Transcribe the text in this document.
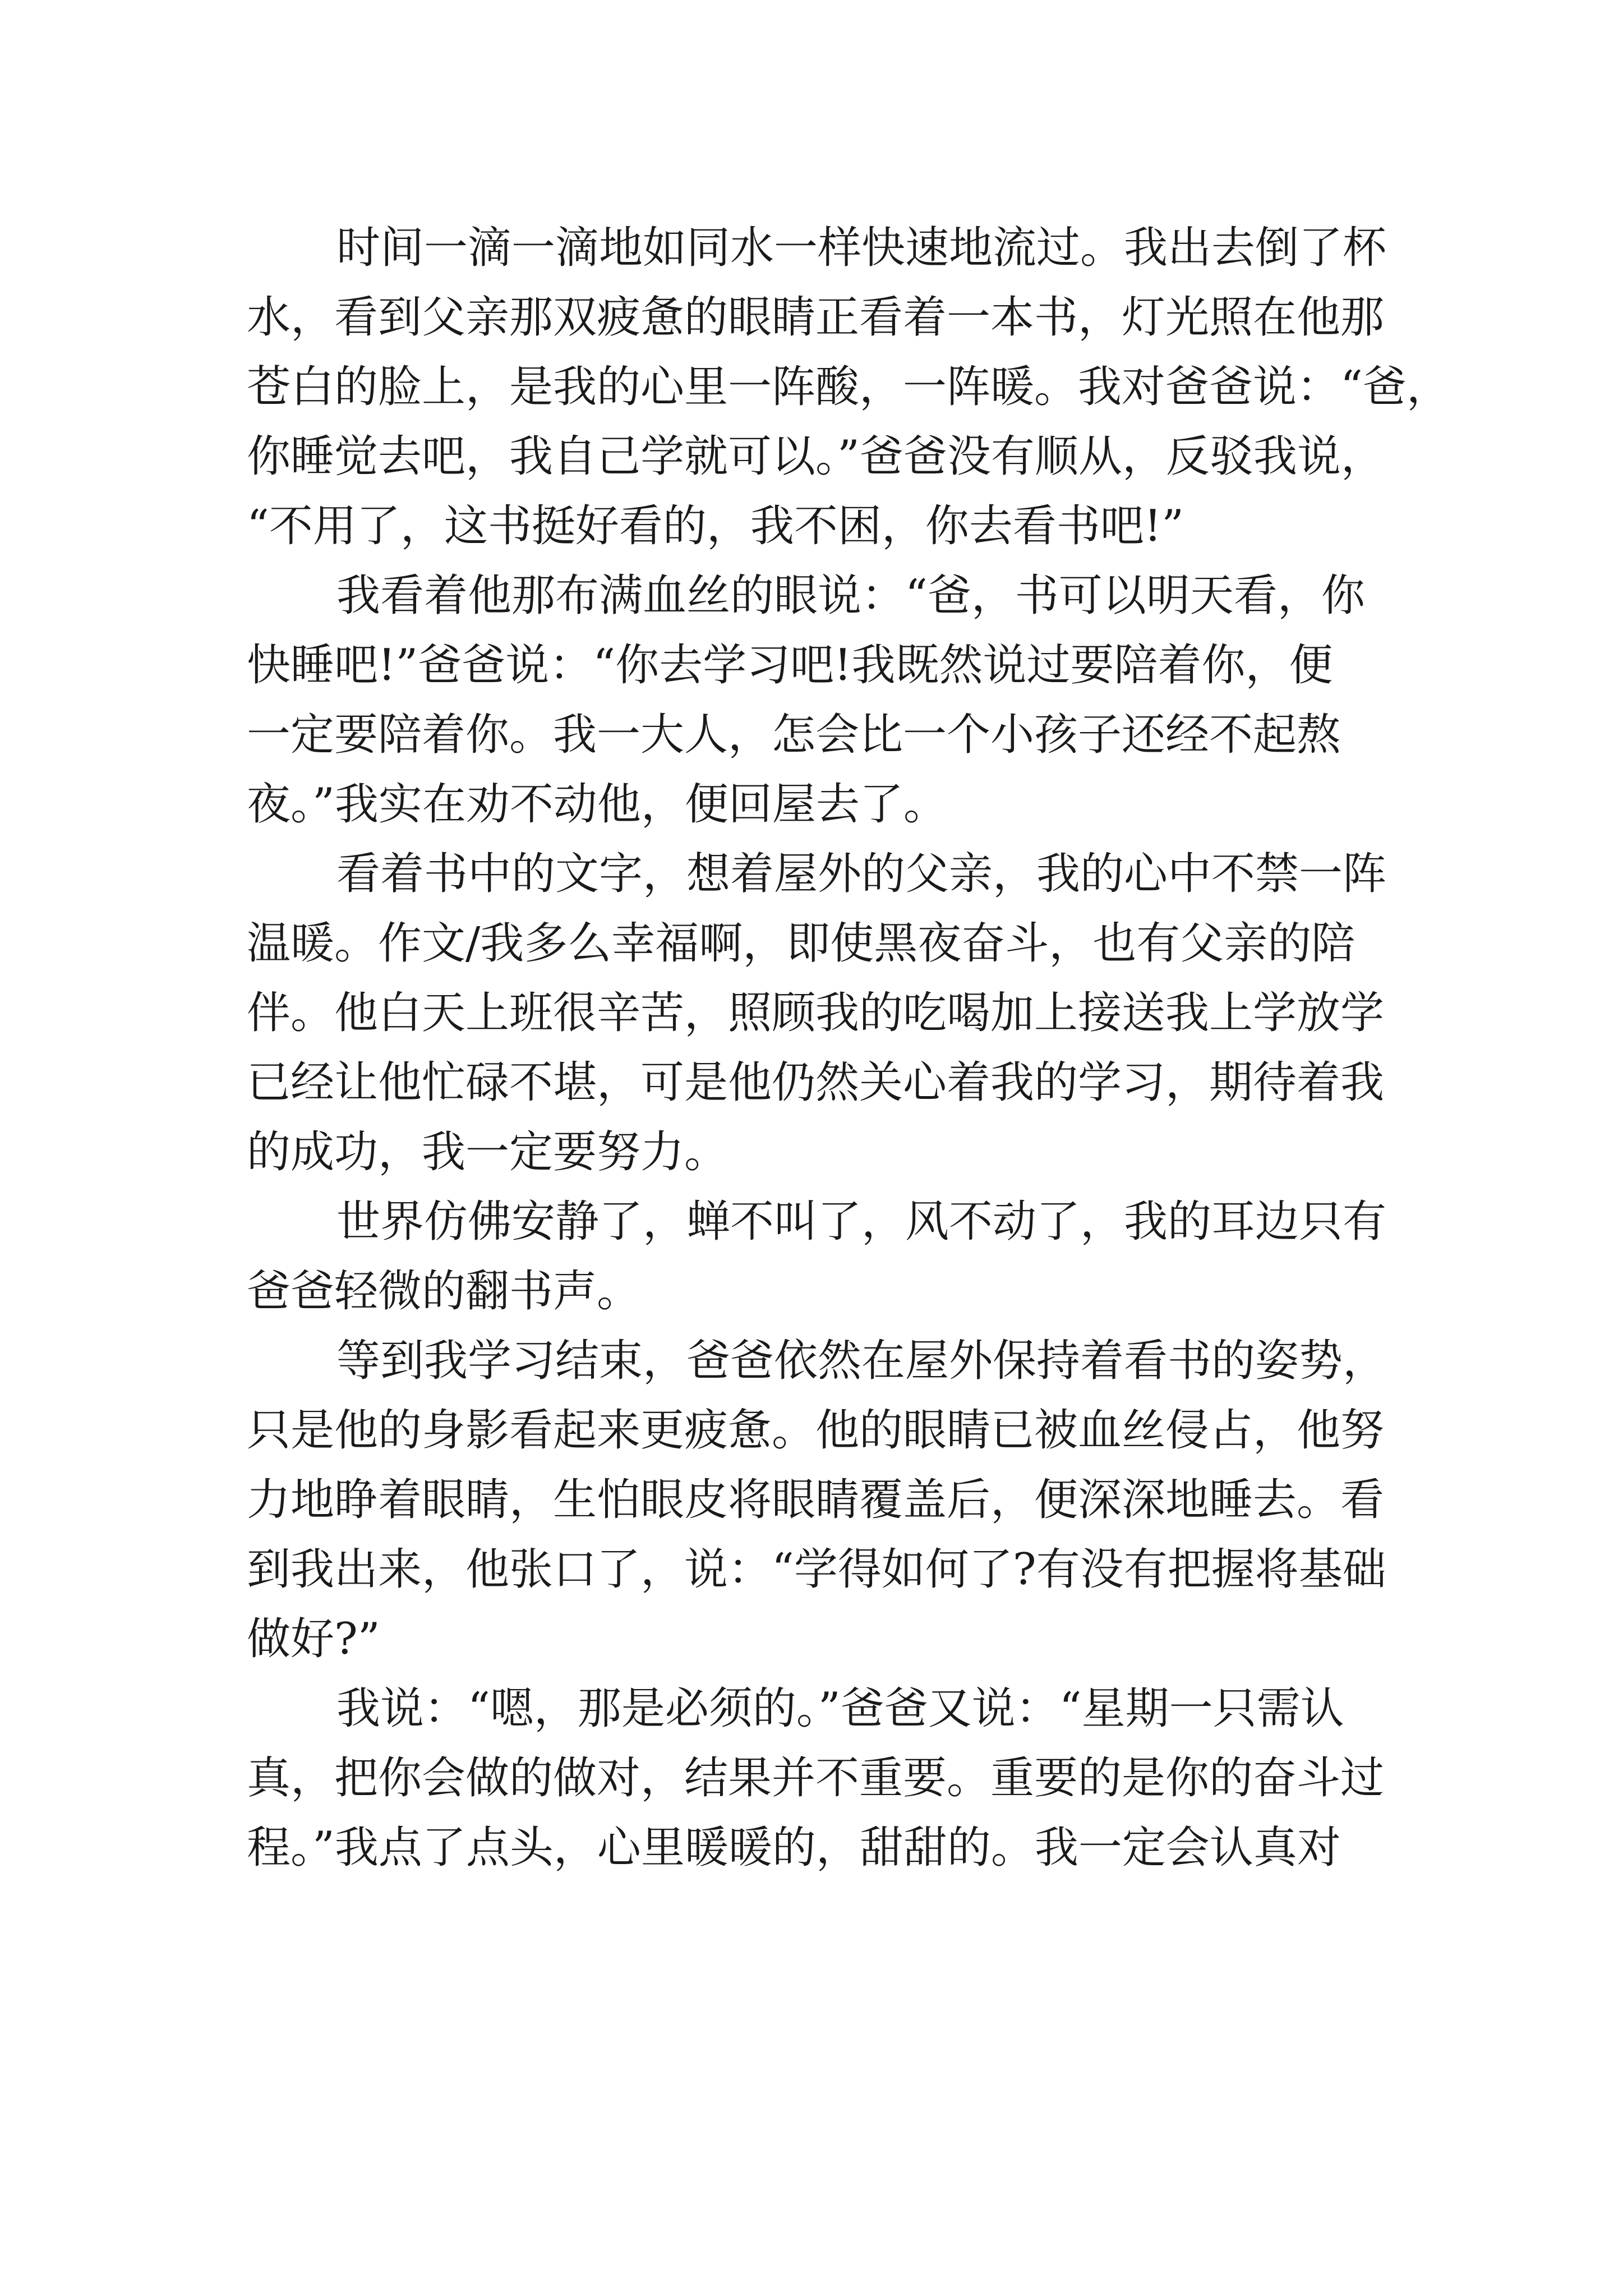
时间一滴一滴地如同水一样快速地流过。我出去倒了杯
水，看到父亲那双疲惫的眼睛正看着一本书，灯光照在他那
苍白的脸上，是我的心里一阵酸，一阵暖。我对爸爸说：“爸，
你睡觉去吧，我自己学就可以。”爸爸没有顺从，反驳我说，
“不用了，这书挺好看的，我不困，你去看书吧!”
我看着他那布满血丝的眼说：“爸，书可以明天看，你
快睡吧!”爸爸说：“你去学习吧!我既然说过要陪着你，便
一定要陪着你。我一大人，怎会比一个小孩子还经不起熬
夜。”我实在劝不动他，便回屋去了。
看着书中的文字，想着屋外的父亲，我的心中不禁一阵
温暖。作文/我多么幸福啊，即使黑夜奋斗，也有父亲的陪
伴。他白天上班很辛苦，照顾我的吃喝加上接送我上学放学
已经让他忙碌不堪，可是他仍然关心着我的学习，期待着我
的成功，我一定要努力。
世界仿佛安静了，蝉不叫了，风不动了，我的耳边只有
爸爸轻微的翻书声。
等到我学习结束，爸爸依然在屋外保持着看书的姿势，
只是他的身影看起来更疲惫。他的眼睛已被血丝侵占，他努
力地睁着眼睛，生怕眼皮将眼睛覆盖后，便深深地睡去。看
到我出来，他张口了，说：“学得如何了?有没有把握将基础
做好?”
我说：“嗯，那是必须的。”爸爸又说：“星期一只需认
真，把你会做的做对，结果并不重要。重要的是你的奋斗过
程。”我点了点头，心里暖暖的，甜甜的。我一定会认真对
